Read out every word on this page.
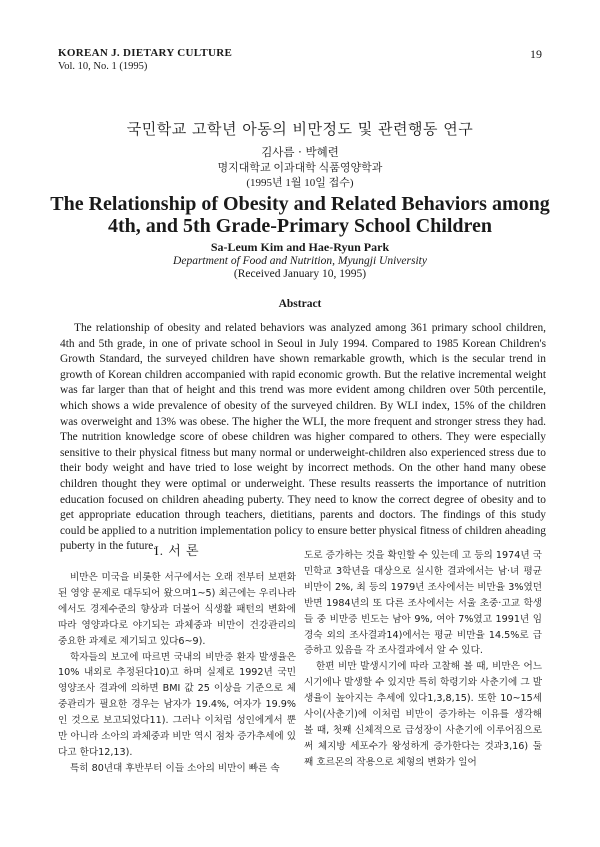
KOREAN J. DIETARY CULTURE
Vol. 10, No. 1 (1995)
19
국민학교 고학년 아동의 비만정도 및 관련행동 연구
김사름 · 박혜련
명지대학교 이과대학 식품영양학과
(1995년 1월 10일 접수)
The Relationship of Obesity and Related Behaviors among
4th, and 5th Grade-Primary School Children
Sa-Leum Kim and Hae-Ryun Park
Department of Food and Nutrition, Myungji University
(Received January 10, 1995)
Abstract

The relationship of obesity and related behaviors was analyzed among 361 primary school children, 4th and 5th grade, in one of private school in Seoul in July 1994. Compared to 1985 Korean Children's Growth Standard, the surveyed children have shown remarkable growth, which is the secular trend in growth of Korean children accompanied with rapid economic growth. But the relative incremental weight was far larger than that of height and this trend was more evident among children over 50th percentile, which shows a wide prevalence of obesity of the surveyed children. By WLI index, 15% of the children was overweight and 13% was obese. The higher the WLI, the more frequent and stronger stress they had. The nutrition knowledge score of obese children was higher compared to others. They were especially sensitive to their physical fitness but many normal or underweight-children also experienced stress due to their body weight and have tried to lose weight by incorrect methods. On the other hand many obese children thought they were optimal or underweight. These results reasserts the importance of nutrition education focused on children aheading puberty. They need to know the correct degree of obesity and to get appropriate education through teachers, dietitians, parents and doctors. The findings of this study could be applied to a nutrition implementation policy to ensure better physical fitness of children aheading puberty in the future.

I. 서 론

비만은 미국을 비롯한 서구에서는 오래 전부터 보편화된 영양 문제로 대두되어 왔으며1~5) 최근에는 우리나라에서도 경제수준의 향상과 더불어 식생활 패턴의 변화에 따라 영양과다로 야기되는 과체중과 비만이 건강관리의 중요한 과제로 제기되고 있다6~9).

학자들의 보고에 따르면 국내의 비만증 환자 발생율은 10% 내외로 추정된다10)고 하며 실제로 1992년 국민 영양조사 결과에 의하면 BMI 값 25 이상을 기준으로 체중관리가 필요한 경우는 남자가 19.4%, 여자가 19.9%인 것으로 보고되었다11). 그러나 이처럼 성인에게서 뿐만 아니라 소아의 과체중과 비만 역시 점차 증가추세에 있다고 한다12,13).

특히 80년대 후반부터 이들 소아의 비만이 빠른 속

도로 증가하는 것을 확인할 수 있는데 고 등의 1974년 국민학교 3학년을 대상으로 실시한 결과에서는 남·녀 평균 비만이 2%, 최 등의 1979년 조사에서는 비만율 3%였던 반면 1984년의 또 다른 조사에서는 서울 초중·고교 학생들 중 비만증 빈도는 남아 9%, 여아 7%였고 1991년 임경숙 외의 조사결과14)에서는 평균 비만율 14.5%로 급증하고 있음을 각 조사결과에서 알 수 있다.

한편 비만 발생시기에 따라 고찰해 볼 때, 비만은 어느 시기에나 발생할 수 있지만 특히 학령기와 사춘기에 그 발생율이 높아지는 추세에 있다1,3,8,15). 또한 10~15세 사이(사춘기)에 이처럼 비만이 증가하는 이유를 생각해 볼 때, 첫째 신체적으로 급성장이 사춘기에 이루어짐으로써 체지방 세포수가 왕성하게 증가한다는 것과3,16) 둘째 호르몬의 작용으로 체형의 변화가 일어
